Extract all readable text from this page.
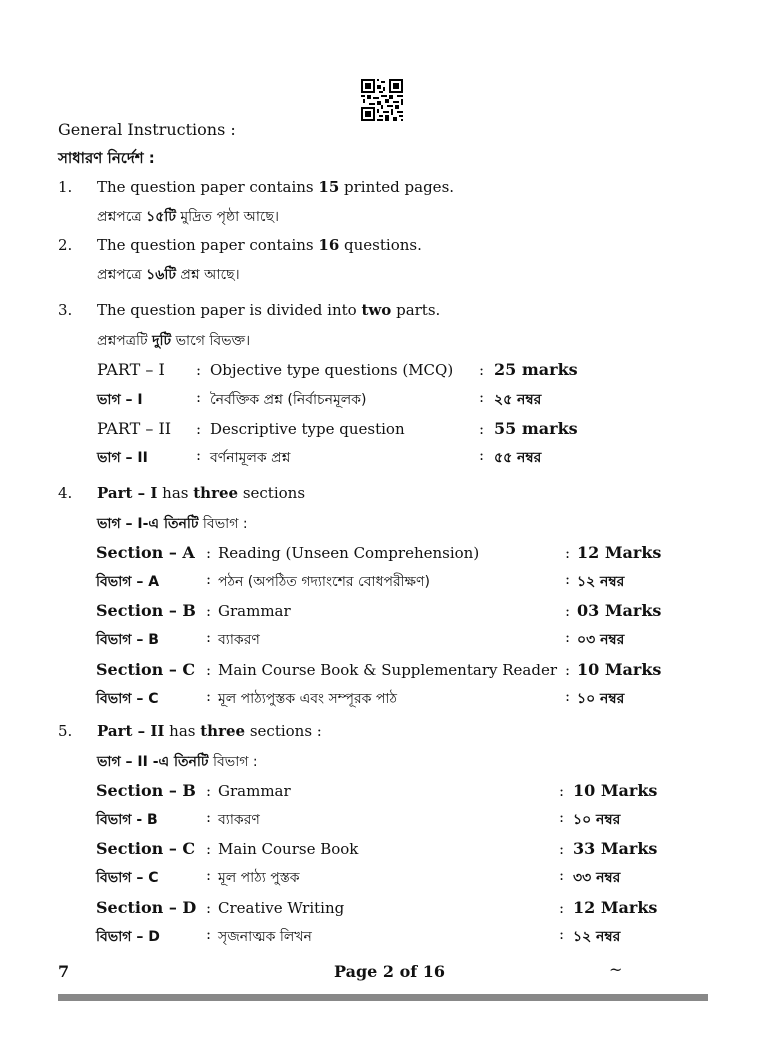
General Instructions :
সাধারণ নির্দেশ :
1. The question paper contains 15 printed pages.
প্রশ্নপত্রে ১৫টি মুদ্রিত পৃষ্ঠা আছে।
2. The question paper contains 16 questions.
প্রশ্নপত্রে ১৬টি প্রশ্ন আছে।
3. The question paper is divided into two parts.
প্রশ্নপত্রটি দুটি ভাগে বিভক্ত।
PART – I : Objective type questions (MCQ) : 25 marks
ভাগ – I	: নৈর্বক্তিক প্রশ্ন (নির্বাচনমূলক)	: ২৫ নম্বর
PART – II : Descriptive type question	: 55 marks
ভাগ – II	: বর্ণনামূলক প্রশ্ন	: ৫৫ নম্বর
4. Part – I has three sections
ভাগ – I-এ তিনটি বিভাগ :
Section – A : Reading (Unseen Comprehension)	: 12 Marks
বিভাগ – A	: পঠন (অপঠিত গদ্যাংশের বোধপরীক্ষণ)	: ১২ নম্বর
Section – B : Grammar	: 03 Marks
বিভাগ – B	: ব্যাকরণ	: ০৩ নম্বর
Section – C : Main Course Book & Supplementary Reader : 10 Marks
বিভাগ – C	: মূল পাঠ্যপুস্তক এবং সম্পূরক পাঠ	: ১০ নম্বর
5. Part – II has three sections :
ভাগ – II -এ তিনটি বিভাগ :
Section – B : Grammar	: 10 Marks
বিভাগ - B	: ব্যাকরণ	: ১০ নম্বর
Section – C : Main Course Book	: 33 Marks
বিভাগ – C	: মূল পাঠ্য পুস্তক	: ৩৩ নম্বর
Section – D : Creative Writing	: 12 Marks
বিভাগ – D	: সৃজনাত্মক লিখন	: ১২ নম্বর
7	Page 2 of 16	~
